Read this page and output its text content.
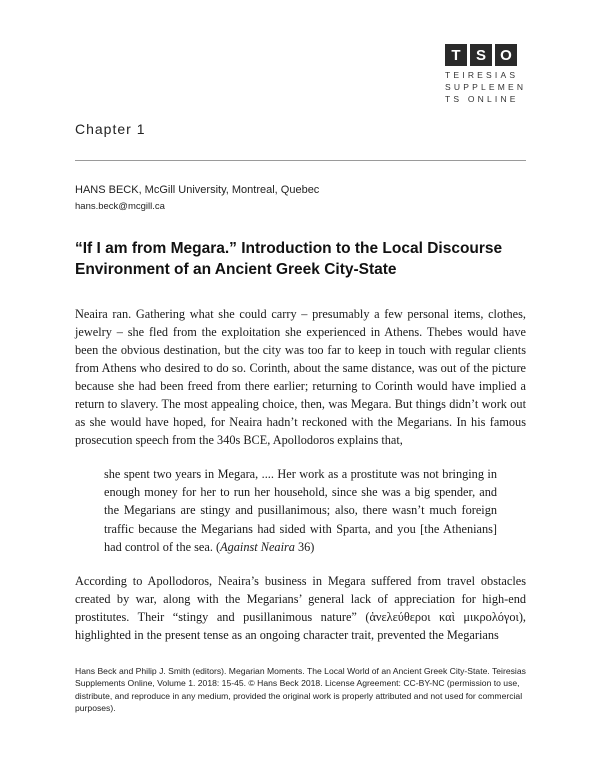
T	S O
TEIRESIAS
SUPPLEMEN
TS ONLINE
Chapter 1
HANS BECK, McGill University, Montreal, Quebec
hans.beck@mcgill.ca
“If I am from Megara.” Introduction to the Local Discourse Environment of an Ancient Greek City-State
Neaira ran. Gathering what she could carry – presumably a few personal items, clothes, jewelry – she fled from the exploitation she experienced in Athens. Thebes would have been the obvious destination, but the city was too far to keep in touch with regular clients from Athens who desired to do so. Corinth, about the same distance, was out of the picture because she had been freed from there earlier; returning to Corinth would have implied a return to slavery. The most appealing choice, then, was Megara. But things didn’t work out as she would have hoped, for Neaira hadn’t reckoned with the Megarians. In his famous prosecution speech from the 340s BCE, Apollodoros explains that,
she spent two years in Megara, .... Her work as a prostitute was not bringing in enough money for her to run her household, since she was a big spender, and the Megarians are stingy and pusillanimous; also, there wasn’t much foreign traffic because the Megarians had sided with Sparta, and you [the Athenians] had control of the sea. (Against Neaira 36)
According to Apollodoros, Neaira’s business in Megara suffered from travel obstacles created by war, along with the Megarians’ general lack of appreciation for high-end prostitutes. Their “stingy and pusillanimous nature” (ἀνελεύθεροι καὶ μικρολόγοι), highlighted in the present tense as an ongoing character trait, prevented the Megarians
Hans Beck and Philip J. Smith (editors). Megarian Moments. The Local World of an Ancient Greek City-State. Teiresias Supplements Online, Volume 1. 2018: 15-45. © Hans Beck 2018. License Agreement: CC-BY-NC (permission to use, distribute, and reproduce in any medium, provided the original work is properly attributed and not used for commercial purposes).
